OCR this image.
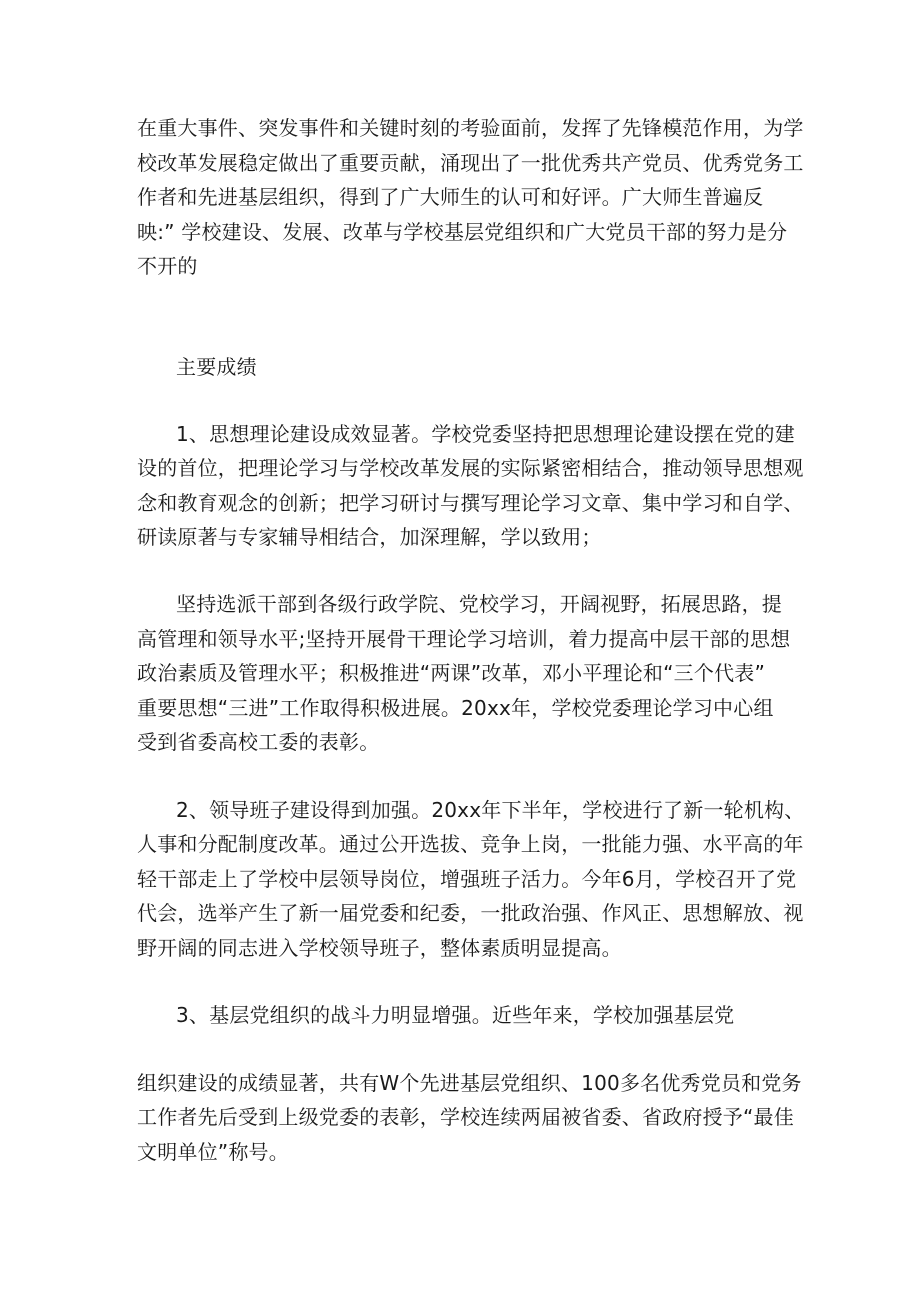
在重大事件、突发事件和关键时刻的考验面前，发挥了先锋模范作用，为学
校改革发展稳定做出了重要贡献，涌现出了一批优秀共产党员、优秀党务工
作者和先进基层组织，得到了广大师生的认可和好评。广大师生普遍反
映:” 学校建设、发展、改革与学校基层党组织和广大党员干部的努力是分
不开的
主要成绩
1、思想理论建设成效显著。学校党委坚持把思想理论建设摆在党的建
设的首位，把理论学习与学校改革发展的实际紧密相结合，推动领导思想观
念和教育观念的创新；把学习研讨与撰写理论学习文章、集中学习和自学、
研读原著与专家辅导相结合，加深理解，学以致用；
坚持选派干部到各级行政学院、党校学习，开阔视野，拓展思路，提
高管理和领导水平;坚持开展骨干理论学习培训，着力提高中层干部的思想
政治素质及管理水平；积极推进“两课”改革，邓小平理论和“三个代表”
重要思想“三进”工作取得积极进展。20xx年，学校党委理论学习中心组
受到省委高校工委的表彰。
2、领导班子建设得到加强。20xx年下半年，学校进行了新一轮机构、
人事和分配制度改革。通过公开选拔、竞争上岗，一批能力强、水平高的年
轻干部走上了学校中层领导岗位，增强班子活力。今年6月，学校召开了党
代会，选举产生了新一届党委和纪委，一批政治强、作风正、思想解放、视
野开阔的同志进入学校领导班子，整体素质明显提高。
3、基层党组织的战斗力明显增强。近些年来，学校加强基层党
组织建设的成绩显著，共有W个先进基层党组织、100多名优秀党员和党务
工作者先后受到上级党委的表彰，学校连续两届被省委、省政府授予“最佳
文明单位”称号。
